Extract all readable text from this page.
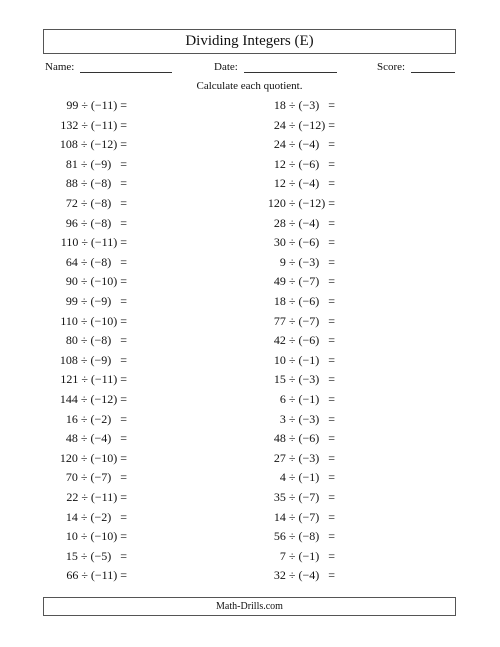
Dividing Integers (E)
Name:	Date:	Score:
Calculate each quotient.
99 ÷ (−11) =
132 ÷ (−11) =
108 ÷ (−12) =
81 ÷ (−9)   =
88 ÷ (−8)   =
72 ÷ (−8)   =
96 ÷ (−8)   =
110 ÷ (−11) =
64 ÷ (−8)   =
90 ÷ (−10) =
99 ÷ (−9)   =
110 ÷ (−10) =
80 ÷ (−8)   =
108 ÷ (−9)   =
121 ÷ (−11) =
144 ÷ (−12) =
16 ÷ (−2)   =
48 ÷ (−4)   =
120 ÷ (−10) =
70 ÷ (−7)   =
22 ÷ (−11) =
14 ÷ (−2)   =
10 ÷ (−10) =
15 ÷ (−5)   =
66 ÷ (−11) =
18 ÷ (−3)   =
24 ÷ (−12) =
24 ÷ (−4)   =
12 ÷ (−6)   =
12 ÷ (−4)   =
120 ÷ (−12) =
28 ÷ (−4)   =
30 ÷ (−6)   =
9 ÷ (−3)   =
49 ÷ (−7)   =
18 ÷ (−6)   =
77 ÷ (−7)   =
42 ÷ (−6)   =
10 ÷ (−1)   =
15 ÷ (−3)   =
6 ÷ (−1)   =
3 ÷ (−3)   =
48 ÷ (−6)   =
27 ÷ (−3)   =
4 ÷ (−1)   =
35 ÷ (−7)   =
14 ÷ (−7)   =
56 ÷ (−8)   =
7 ÷ (−1)   =
32 ÷ (−4)   =
Math-Drills.com
